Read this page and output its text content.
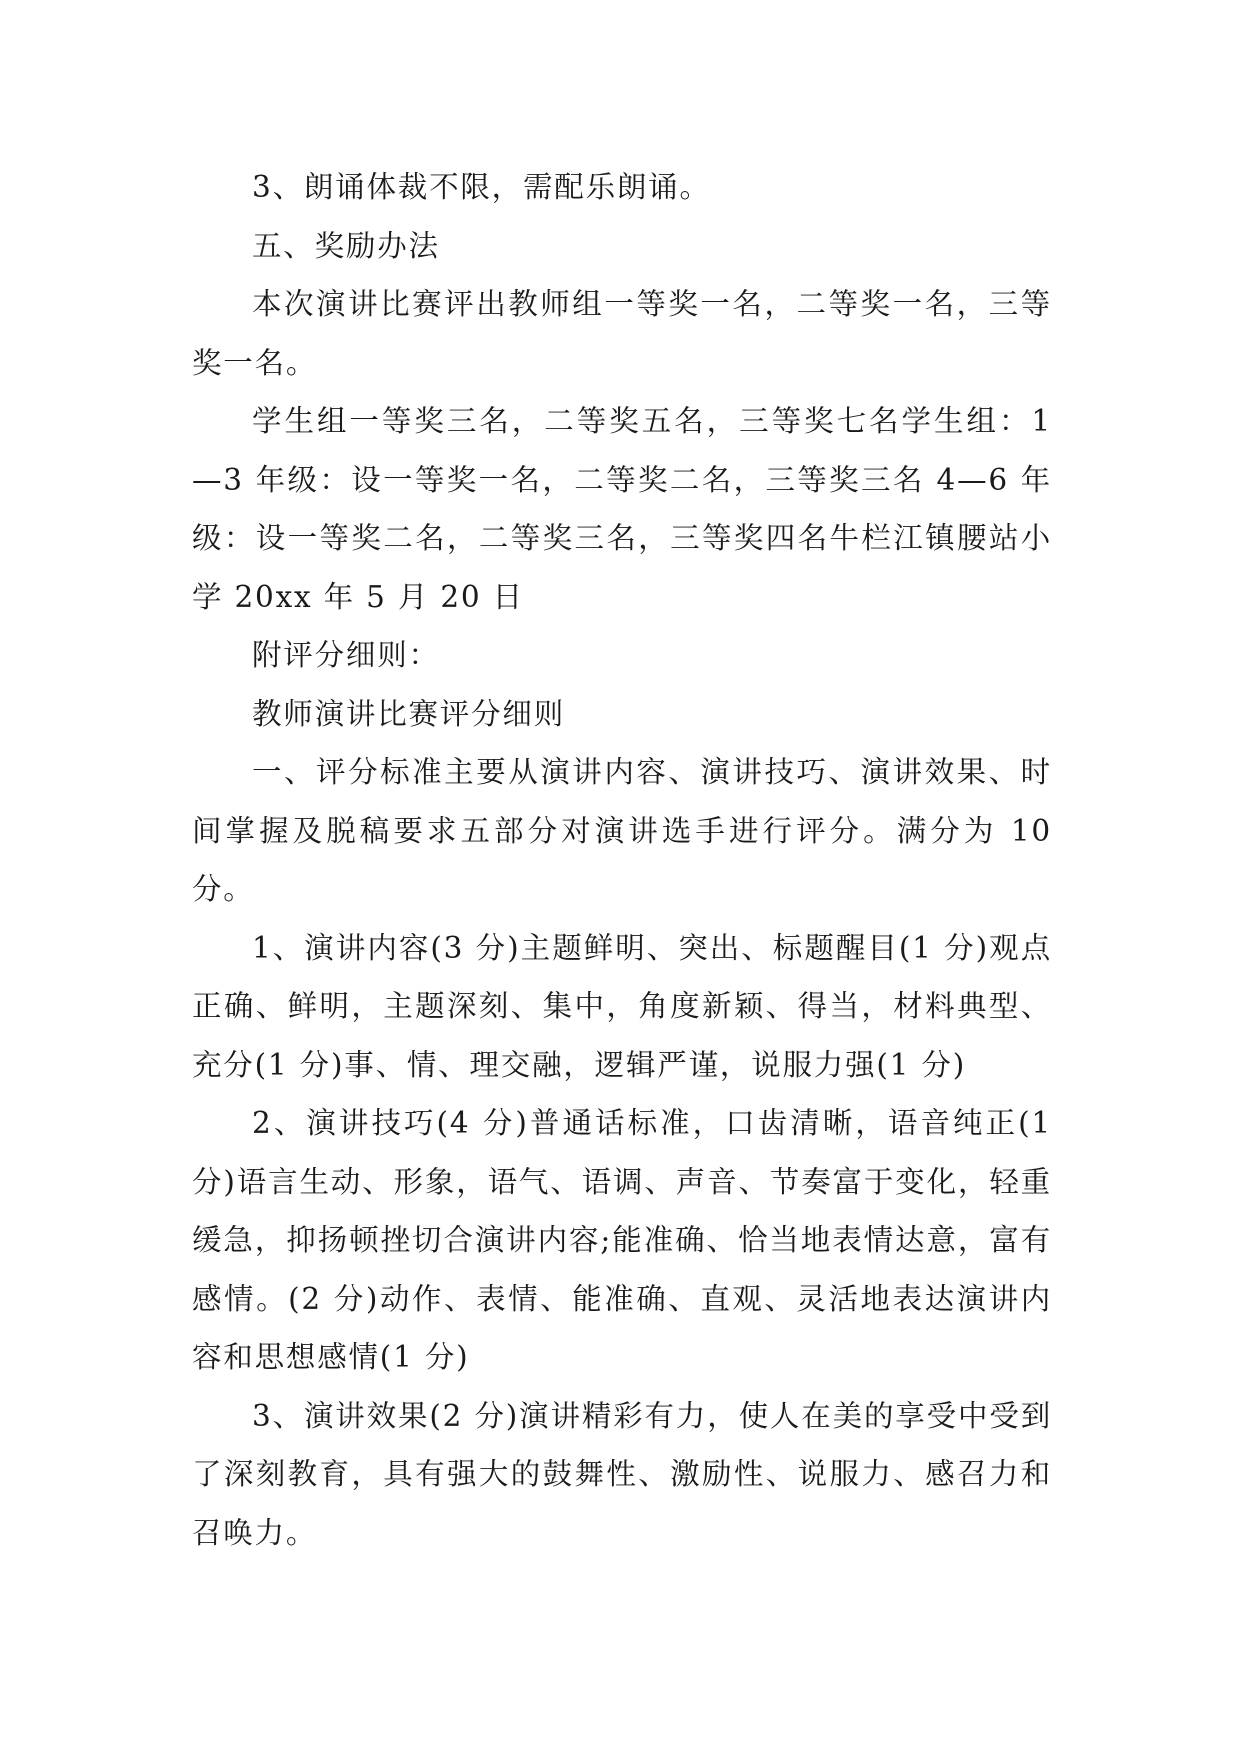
3、朗诵体裁不限，需配乐朗诵。

五、奖励办法

本次演讲比赛评出教师组一等奖一名，二等奖一名，三等奖一名。

学生组一等奖三名，二等奖五名，三等奖七名学生组：1—3 年级：设一等奖一名，二等奖二名，三等奖三名 4—6 年级：设一等奖二名，二等奖三名，三等奖四名牛栏江镇腰站小学 20xx 年 5 月 20 日

附评分细则：

教师演讲比赛评分细则

一、评分标准主要从演讲内容、演讲技巧、演讲效果、时间掌握及脱稿要求五部分对演讲选手进行评分。满分为 10 分。

1、演讲内容(3 分)主题鲜明、突出、标题醒目(1 分)观点正确、鲜明，主题深刻、集中，角度新颖、得当，材料典型、充分(1 分)事、情、理交融，逻辑严谨，说服力强(1 分)

2、演讲技巧(4 分)普通话标准，口齿清晰，语音纯正(1 分)语言生动、形象，语气、语调、声音、节奏富于变化，轻重缓急，抑扬顿挫切合演讲内容;能准确、恰当地表情达意，富有感情。(2 分)动作、表情、能准确、直观、灵活地表达演讲内容和思想感情(1 分)

3、演讲效果(2 分)演讲精彩有力，使人在美的享受中受到了深刻教育，具有强大的鼓舞性、激励性、说服力、感召力和召唤力。
